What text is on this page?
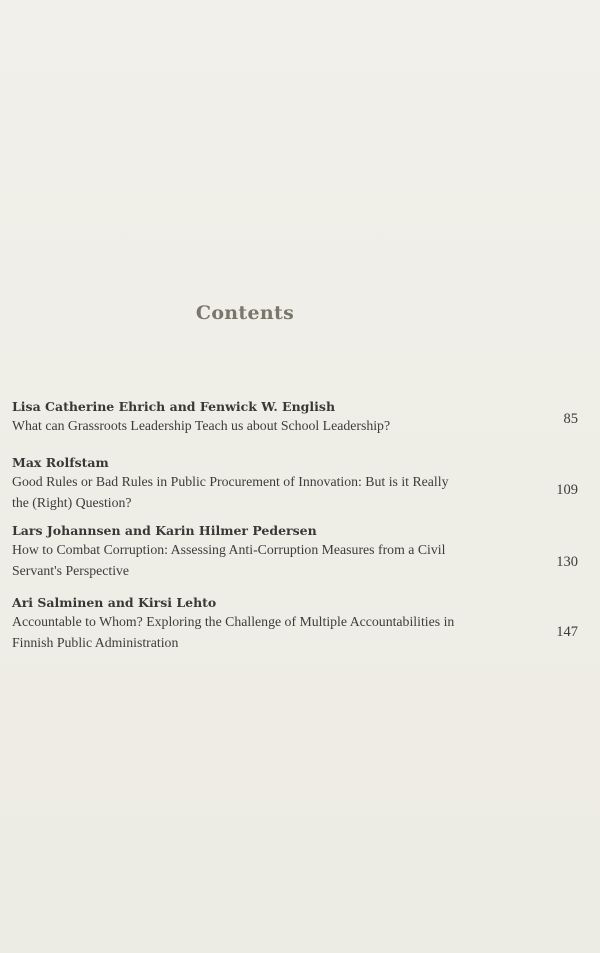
Contents
Lisa Catherine Ehrich and Fenwick W. English
What can Grassroots Leadership Teach us about School Leadership?	85
Max Rolfstam
Good Rules or Bad Rules in Public Procurement of Innovation: But is it Really the (Right) Question?
109
Lars Johannsen and Karin Hilmer Pedersen
How to Combat Corruption: Assessing Anti-Corruption Measures from a Civil Servant's Perspective
130
Ari Salminen and Kirsi Lehto
Accountable to Whom? Exploring the Challenge of Multiple Accountabilities in Finnish Public Administration
147
